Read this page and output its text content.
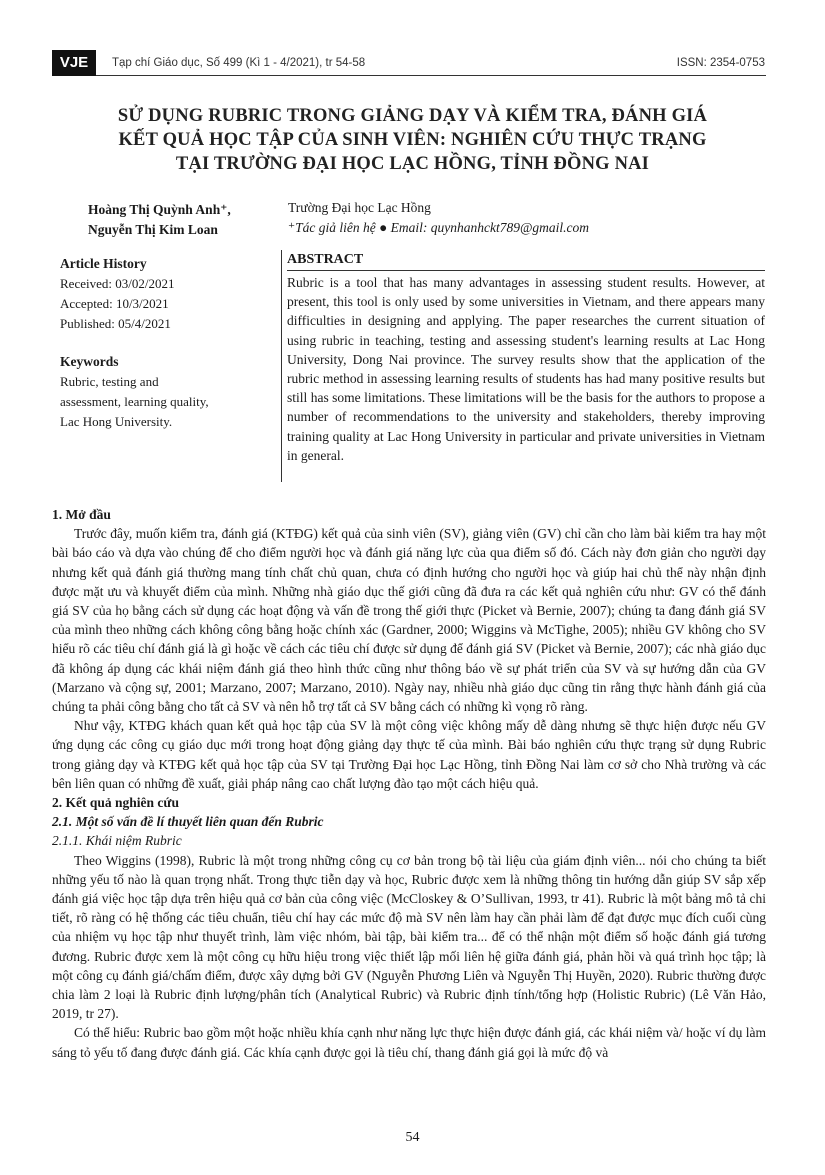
VJE	Tạp chí Giáo dục, Số 499 (Kì 1 - 4/2021), tr 54-58	ISSN: 2354-0753
SỬ DỤNG RUBRIC TRONG GIẢNG DẠY VÀ KIỂM TRA, ĐÁNH GIÁ
KẾT QUẢ HỌC TẬP CỦA SINH VIÊN: NGHIÊN CỨU THỰC TRẠNG
TẠI TRƯỜNG ĐẠI HỌC LẠC HỒNG, TỈNH ĐỒNG NAI
Hoàng Thị Quỳnh Anh⁺,
Nguyễn Thị Kim Loan
Trường Đại học Lạc Hồng
⁺Tác giả liên hệ ● Email: quynhanhckt789@gmail.com
Article History
Received: 03/02/2021
Accepted: 10/3/2021
Published: 05/4/2021
Keywords
Rubric, testing and
assessment, learning quality,
Lac Hong University.
ABSTRACT

Rubric is a tool that has many advantages in assessing student results. However, at present, this tool is only used by some universities in Vietnam, and there appears many difficulties in designing and applying. The paper researches the current situation of using rubric in teaching, testing and assessing student's learning results at Lac Hong University, Dong Nai province. The survey results show that the application of the rubric method in assessing learning results of students has had many positive results but still has some limitations. These limitations will be the basis for the authors to propose a number of recommendations to the university and stakeholders, thereby improving training quality at Lac Hong University in particular and private universities in Vietnam in general.

1. Mở đầu

Trước đây, muốn kiểm tra, đánh giá (KTĐG) kết quả của sinh viên (SV), giảng viên (GV) chỉ cần cho làm bài kiểm tra hay một bài báo cáo và dựa vào chúng để cho điểm người học và đánh giá năng lực của qua điểm số đó. Cách này đơn giản cho người dạy nhưng kết quả đánh giá thường mang tính chất chủ quan, chưa có định hướng cho người học và giúp hai chủ thể này nhận định được mặt ưu và khuyết điểm của mình. Những nhà giáo dục thế giới cũng đã đưa ra các kết quả nghiên cứu như: GV có thể đánh giá SV của họ bằng cách sử dụng các hoạt động và vấn đề trong thế giới thực (Picket và Bernie, 2007); chúng ta đang đánh giá SV của mình theo những cách không công bằng hoặc chính xác (Gardner, 2000; Wiggins và McTighe, 2005); nhiều GV không cho SV hiểu rõ các tiêu chí đánh giá là gì hoặc về cách các tiêu chí được sử dụng để đánh giá SV (Picket và Bernie, 2007); các nhà giáo dục đã không áp dụng các khái niệm đánh giá theo hình thức cũng như thông báo về sự phát triển của SV và sự hướng dẫn của GV (Marzano và cộng sự, 2001; Marzano, 2007; Marzano, 2010). Ngày nay, nhiều nhà giáo dục cũng tin rằng thực hành đánh giá của chúng ta phải công bằng cho tất cả SV và nên hỗ trợ tất cả SV bằng cách có những kì vọng rõ ràng.

Như vậy, KTĐG khách quan kết quả học tập của SV là một công việc không mấy dễ dàng nhưng sẽ thực hiện được nếu GV ứng dụng các công cụ giáo dục mới trong hoạt động giảng dạy thực tế của mình. Bài báo nghiên cứu thực trạng sử dụng Rubric trong giảng dạy và KTĐG kết quả học tập của SV tại Trường Đại học Lạc Hồng, tỉnh Đồng Nai làm cơ sở cho Nhà trường và các bên liên quan có những đề xuất, giải pháp nâng cao chất lượng đào tạo một cách hiệu quả.

2. Kết quả nghiên cứu
2.1. Một số vấn đề lí thuyết liên quan đến Rubric
2.1.1. Khái niệm Rubric

Theo Wiggins (1998), Rubric là một trong những công cụ cơ bản trong bộ tài liệu của giám định viên... nói cho chúng ta biết những yếu tố nào là quan trọng nhất. Trong thực tiễn dạy và học, Rubric được xem là những thông tin hướng dẫn giúp SV sắp xếp đánh giá việc học tập dựa trên hiệu quả cơ bản của công việc (McCloskey & O’Sullivan, 1993, tr 41). Rubric là một bảng mô tả chi tiết, rõ ràng có hệ thống các tiêu chuẩn, tiêu chí hay các mức độ mà SV nên làm hay cần phải làm để đạt được mục đích cuối cùng của nhiệm vụ học tập như thuyết trình, làm việc nhóm, bài tập, bài kiểm tra... để có thể nhận một điểm số hoặc đánh giá tương đương. Rubric được xem là một công cụ hữu hiệu trong việc thiết lập mối liên hệ giữa đánh giá, phản hồi và quá trình học tập; là một công cụ đánh giá/chấm điểm, được xây dựng bởi GV (Nguyễn Phương Liên và Nguyễn Thị Huyền, 2020). Rubric thường được chia làm 2 loại là Rubric định lượng/phân tích (Analytical Rubric) và Rubric định tính/tổng hợp (Holistic Rubric) (Lê Văn Hảo, 2019, tr 27).

Có thể hiểu: Rubric bao gồm một hoặc nhiều khía cạnh như năng lực thực hiện được đánh giá, các khái niệm và/ hoặc ví dụ làm sáng tỏ yếu tố đang được đánh giá. Các khía cạnh được gọi là tiêu chí, thang đánh giá gọi là mức độ và

54
